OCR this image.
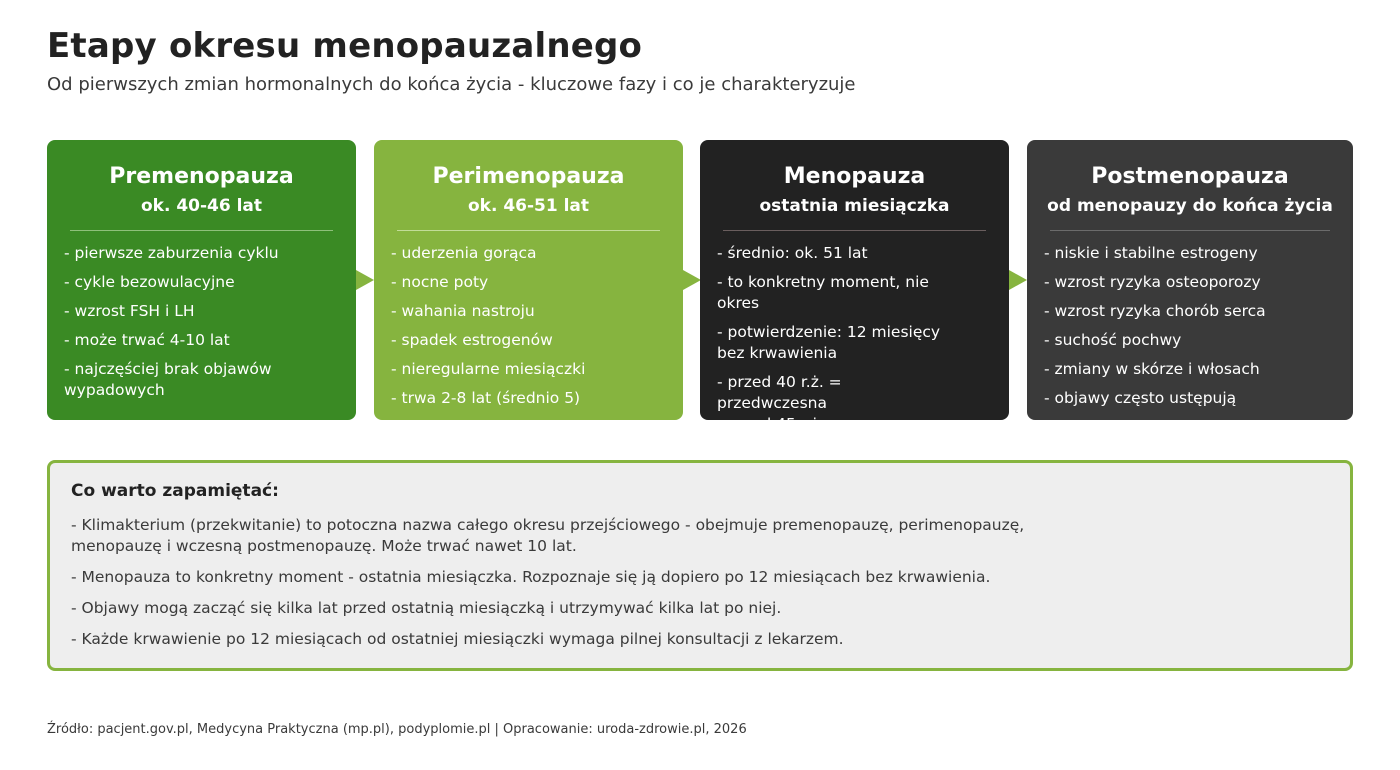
Etapy okresu menopauzalnego

Od pierwszych zmian hormonalnych do końca życia - kluczowe fazy i co je charakteryzuje

Premenopauza
ok. 40-46 lat
- pierwsze zaburzenia cyklu
- cykle bezowulacyjne
- wzrost FSH i LH
- może trwać 4-10 lat
- najczęściej brak objawów wypadowych
Perimenopauza
ok. 46-51 lat
- uderzenia gorąca
- nocne poty
- wahania nastroju
- spadek estrogenów
- nieregularne miesiączki
- trwa 2-8 lat (średnio 5)
Menopauza
ostatnia miesiączka
- średnio: ok. 51 lat
- to konkretny moment, nie okres
- potwierdzenie: 12 miesięcy bez krwawienia
- przed 40 r.ż. = przedwczesna
- przed 45 r.ż. = wczesna
Postmenopauza
od menopauzy do końca życia
- niskie i stabilne estrogeny
- wzrost ryzyka osteoporozy
- wzrost ryzyka chorób serca
- suchość pochwy
- zmiany w skórze i włosach
- objawy często ustępują
Co warto zapamiętać:
- Klimakterium (przekwitanie) to potoczna nazwa całego okresu przejściowego - obejmuje premenopauzę, perimenopauzę, menopauzę i wczesną postmenopauzę. Może trwać nawet 10 lat.
- Menopauza to konkretny moment - ostatnia miesiączka. Rozpoznaje się ją dopiero po 12 miesiącach bez krwawienia.
- Objawy mogą zacząć się kilka lat przed ostatnią miesiączką i utrzymywać kilka lat po niej.
- Każde krwawienie po 12 miesiącach od ostatniej miesiączki wymaga pilnej konsultacji z lekarzem.
Źródło: pacjent.gov.pl, Medycyna Praktyczna (mp.pl), podyplomie.pl | Opracowanie: uroda-zdrowie.pl, 2026
